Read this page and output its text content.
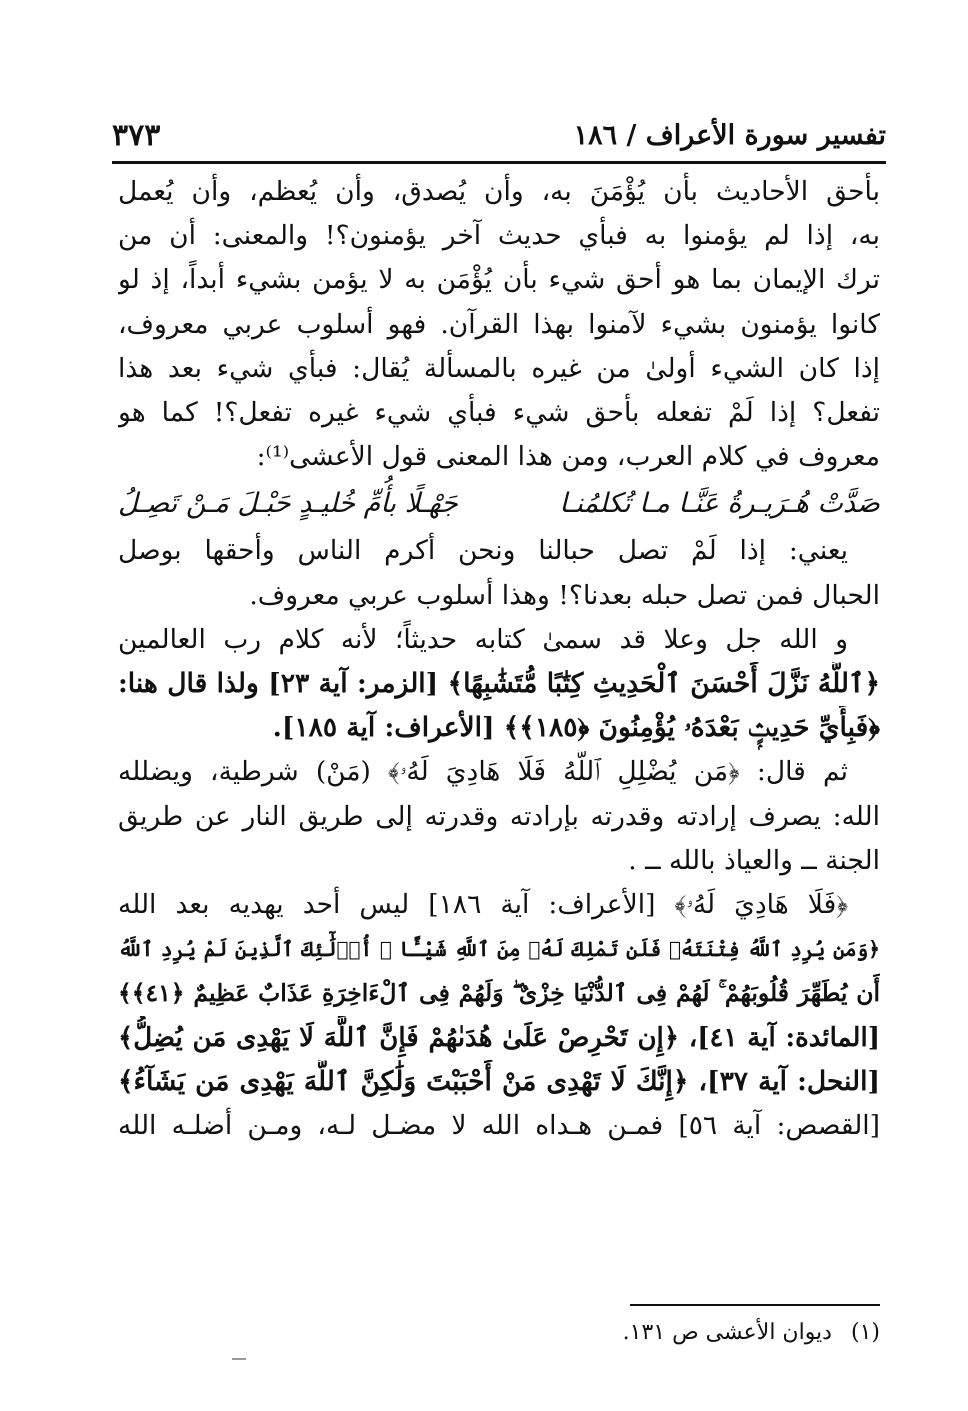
تفسير سورة الأعراف / ١٨٦
٣٧٣
بأحق الأحاديث بأن يُؤْمَنَ به، وأن يُصدق، وأن يُعظم، وأن يُعمل
به، إذا لم يؤمنوا به فبأي حديث آخر يؤمنون؟! والمعنى: أن من
ترك الإيمان بما هو أحق شيء بأن يُؤْمَن به لا يؤمن بشيء أبداً، إذ لو
كانوا يؤمنون بشيء لآمنوا بهذا القرآن. فهو أسلوب عربي معروف،
إذا كان الشيء أولىٰ من غيره بالمسألة يُقال: فبأي شيء بعد هذا
تفعل؟ إذا لَمْ تفعله بأحق شيء فبأي شيء غيره تفعل؟! كما هو
معروف في كلام العرب، ومن هذا المعنى قول الأعشى⁽¹⁾:
صَدَّتْ هُـرَيـرةُ عَنَّـا مـا تُكلمُنـا
جَهْـلًا بأُمِّ خُليـدٍ حَبْـلَ مَـنْ تَصِـلُ
يعني: إذا لَمْ تصل حبالنا ونحن أكرم الناس وأحقها بوصل
الحبال فمن تصل حبله بعدنا؟! وهذا أسلوب عربي معروف.
و الله جل وعلا قد سمىٰ كتابه حديثاً؛ لأنه كلام رب العالمين
﴿ٱللَّهُ نَزَّلَ أَحْسَنَ ٱلْحَدِيثِ كِتَٰبًا مُّتَشَٰبِهًا﴾ [الزمر: آية ٢٣] ولذا قال هنا:
﴿فَبِأَيِّ حَدِيثٍۭ بَعْدَهُۥ يُؤْمِنُونَ ﴿١٨٥﴾﴾ [الأعراف: آية ١٨٥].
ثم قال: ﴿مَن يُضْلِلِ ٱللَّهُ فَلَا هَادِيَ لَهُۥ﴾ (مَنْ) شرطية، ويضلله
الله: يصرف إرادته وقدرته بإرادته وقدرته إلى طريق النار عن طريق
الجنة ــ والعياذ بالله ــ .
﴿فَلَا هَادِيَ لَهُۥ﴾ [الأعراف: آية ١٨٦] ليس أحد يهديه بعد الله
﴿وَمَن يُرِدِ ٱللَّهُ فِتْنَتَهُۥ فَلَن تَمْلِكَ لَهُۥ مِنَ ٱللَّهِ شَيْـًٔا ۚ أُو۟لَٰٓئِكَ ٱلَّذِينَ لَمْ يُرِدِ ٱللَّهُ
أَن يُطَهِّرَ قُلُوبَهُمْ ۚ لَهُمْ فِى ٱلدُّنْيَا خِزْىٌ ۖ وَلَهُمْ فِى ٱلْءَاخِرَةِ عَذَابٌ عَظِيمٌ ﴿٤١﴾﴾
[المائدة: آية ٤١]، ﴿إِن تَحْرِصْ عَلَىٰ هُدَىٰهُمْ فَإِنَّ ٱللَّهَ لَا يَهْدِى مَن يُضِلُّ﴾
[النحل: آية ٣٧]، ﴿إِنَّكَ لَا تَهْدِى مَنْ أَحْبَبْتَ وَلَٰكِنَّ ٱللَّهَ يَهْدِى مَن يَشَآءُ﴾
[القصص: آية ٥٦] فمـن هـداه الله لا مضـل لـه، ومـن أضلـه الله
(١) ديوان الأعشى ص ١٣١.
